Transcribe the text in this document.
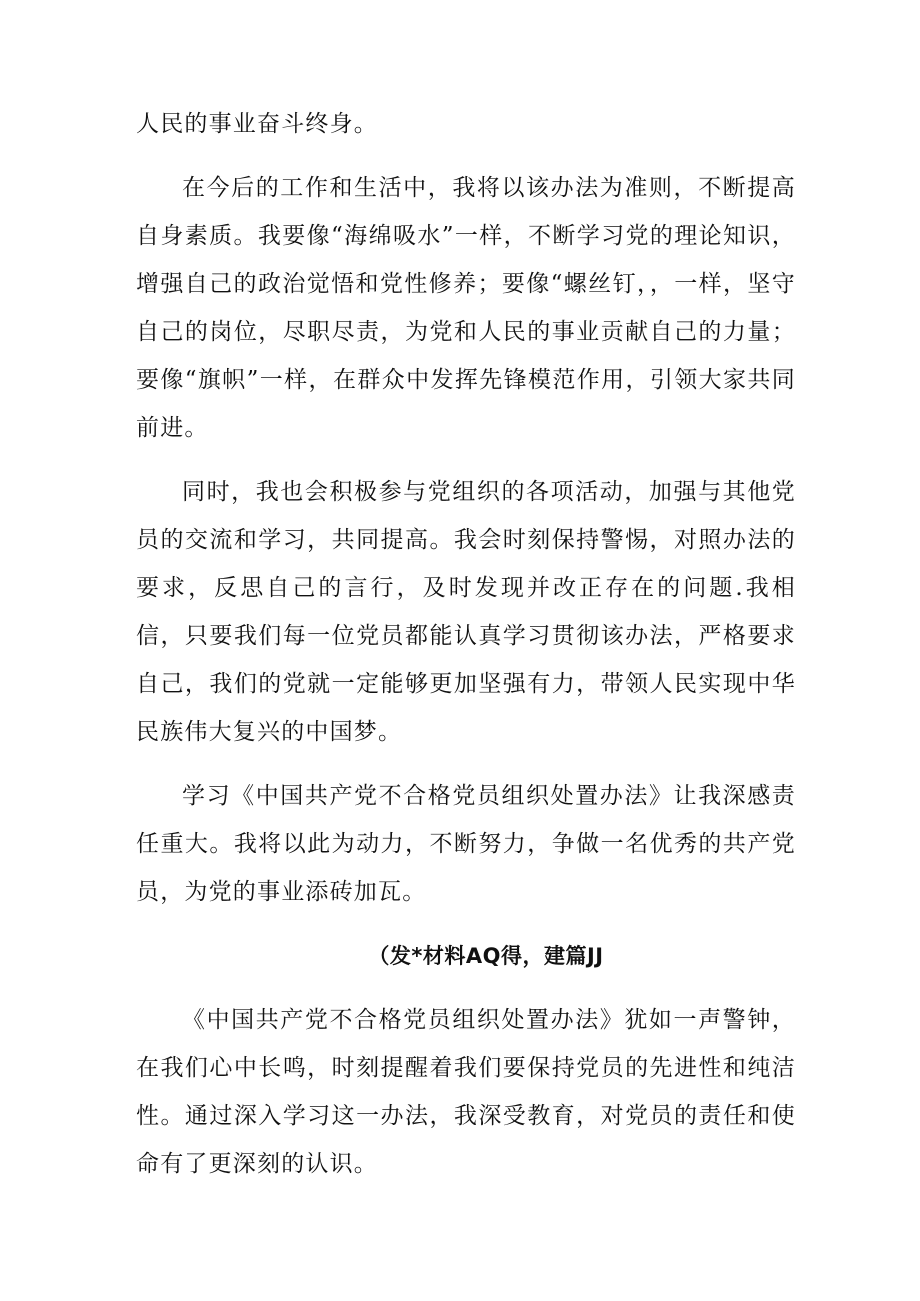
人民的事业奋斗终身。

在今后的工作和生活中，我将以该办法为准则，不断提高自身素质。我要像“海绵吸水”一样，不断学习党的理论知识，增强自己的政治觉悟和党性修养；要像“螺丝钉，，一样，坚守自己的岗位，尽职尽责，为党和人民的事业贡献自己的力量；要像“旗帜”一样，在群众中发挥先锋模范作用，引领大家共同前进。

同时，我也会积极参与党组织的各项活动，加强与其他党员的交流和学习，共同提高。我会时刻保持警惕，对照办法的要求，反思自己的言行，及时发现并改正存在的问题.我相信，只要我们每一位党员都能认真学习贯彻该办法，严格要求自己，我们的党就一定能够更加坚强有力，带领人民实现中华民族伟大复兴的中国梦。

学习《中国共产党不合格党员组织处置办法》让我深感责任重大。我将以此为动力，不断努力，争做一名优秀的共产党员，为党的事业添砖加瓦。

（发*材料AQ得，建篇JJ

《中国共产党不合格党员组织处置办法》犹如一声警钟，在我们心中长鸣，时刻提醒着我们要保持党员的先进性和纯洁性。通过深入学习这一办法，我深受教育，对党员的责任和使命有了更深刻的认识。
